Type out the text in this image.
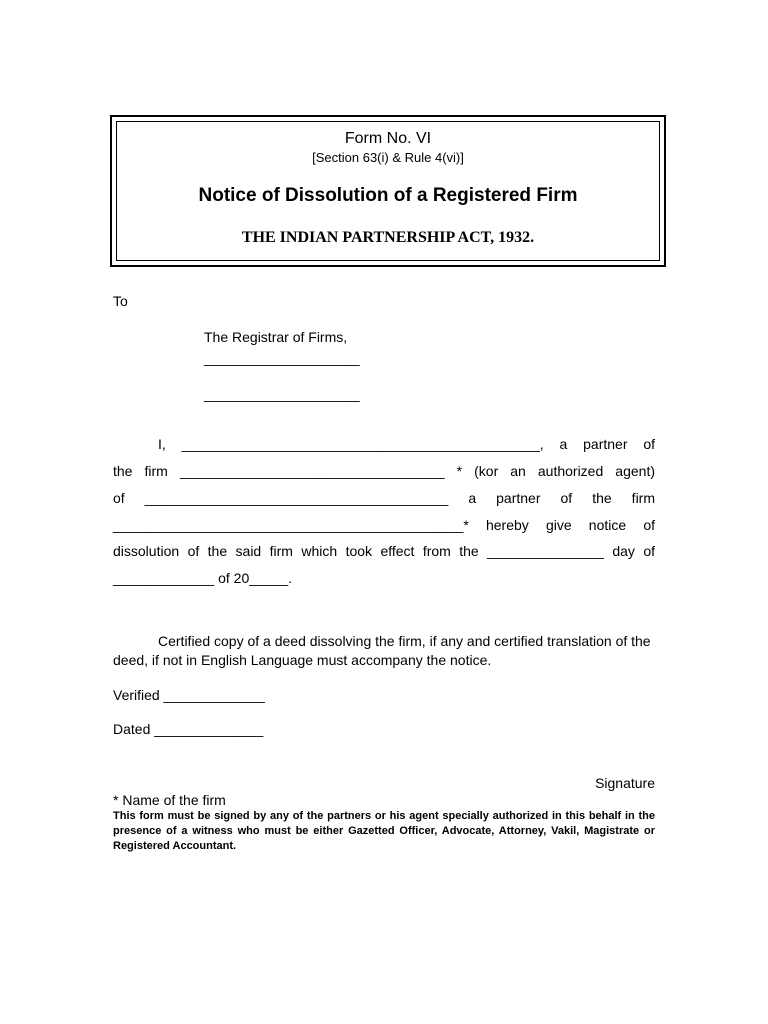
Form No. VI
[Section 63(i) & Rule 4(vi)]
Notice of Dissolution of a Registered Firm
THE INDIAN PARTNERSHIP ACT, 1932.
To
The Registrar of Firms,
____________________
____________________
I, ______________________________________________, a partner of
the firm __________________________________ * (kor an authorized agent)
of _______________________________________ a partner of the firm
_____________________________________________* hereby give notice of
dissolution of the said firm which took effect from the _______________ day of
_____________ of 20_____.
Certified copy of a deed dissolving the firm, if any and certified translation of the deed, if not in English Language must accompany the notice.
Verified _____________
Dated ______________
Signature
* Name of the firm
This form must be signed by any of the partners or his agent specially authorized in this behalf in the presence of a witness who must be either Gazetted Officer, Advocate, Attorney, Vakil, Magistrate or Registered Accountant.
